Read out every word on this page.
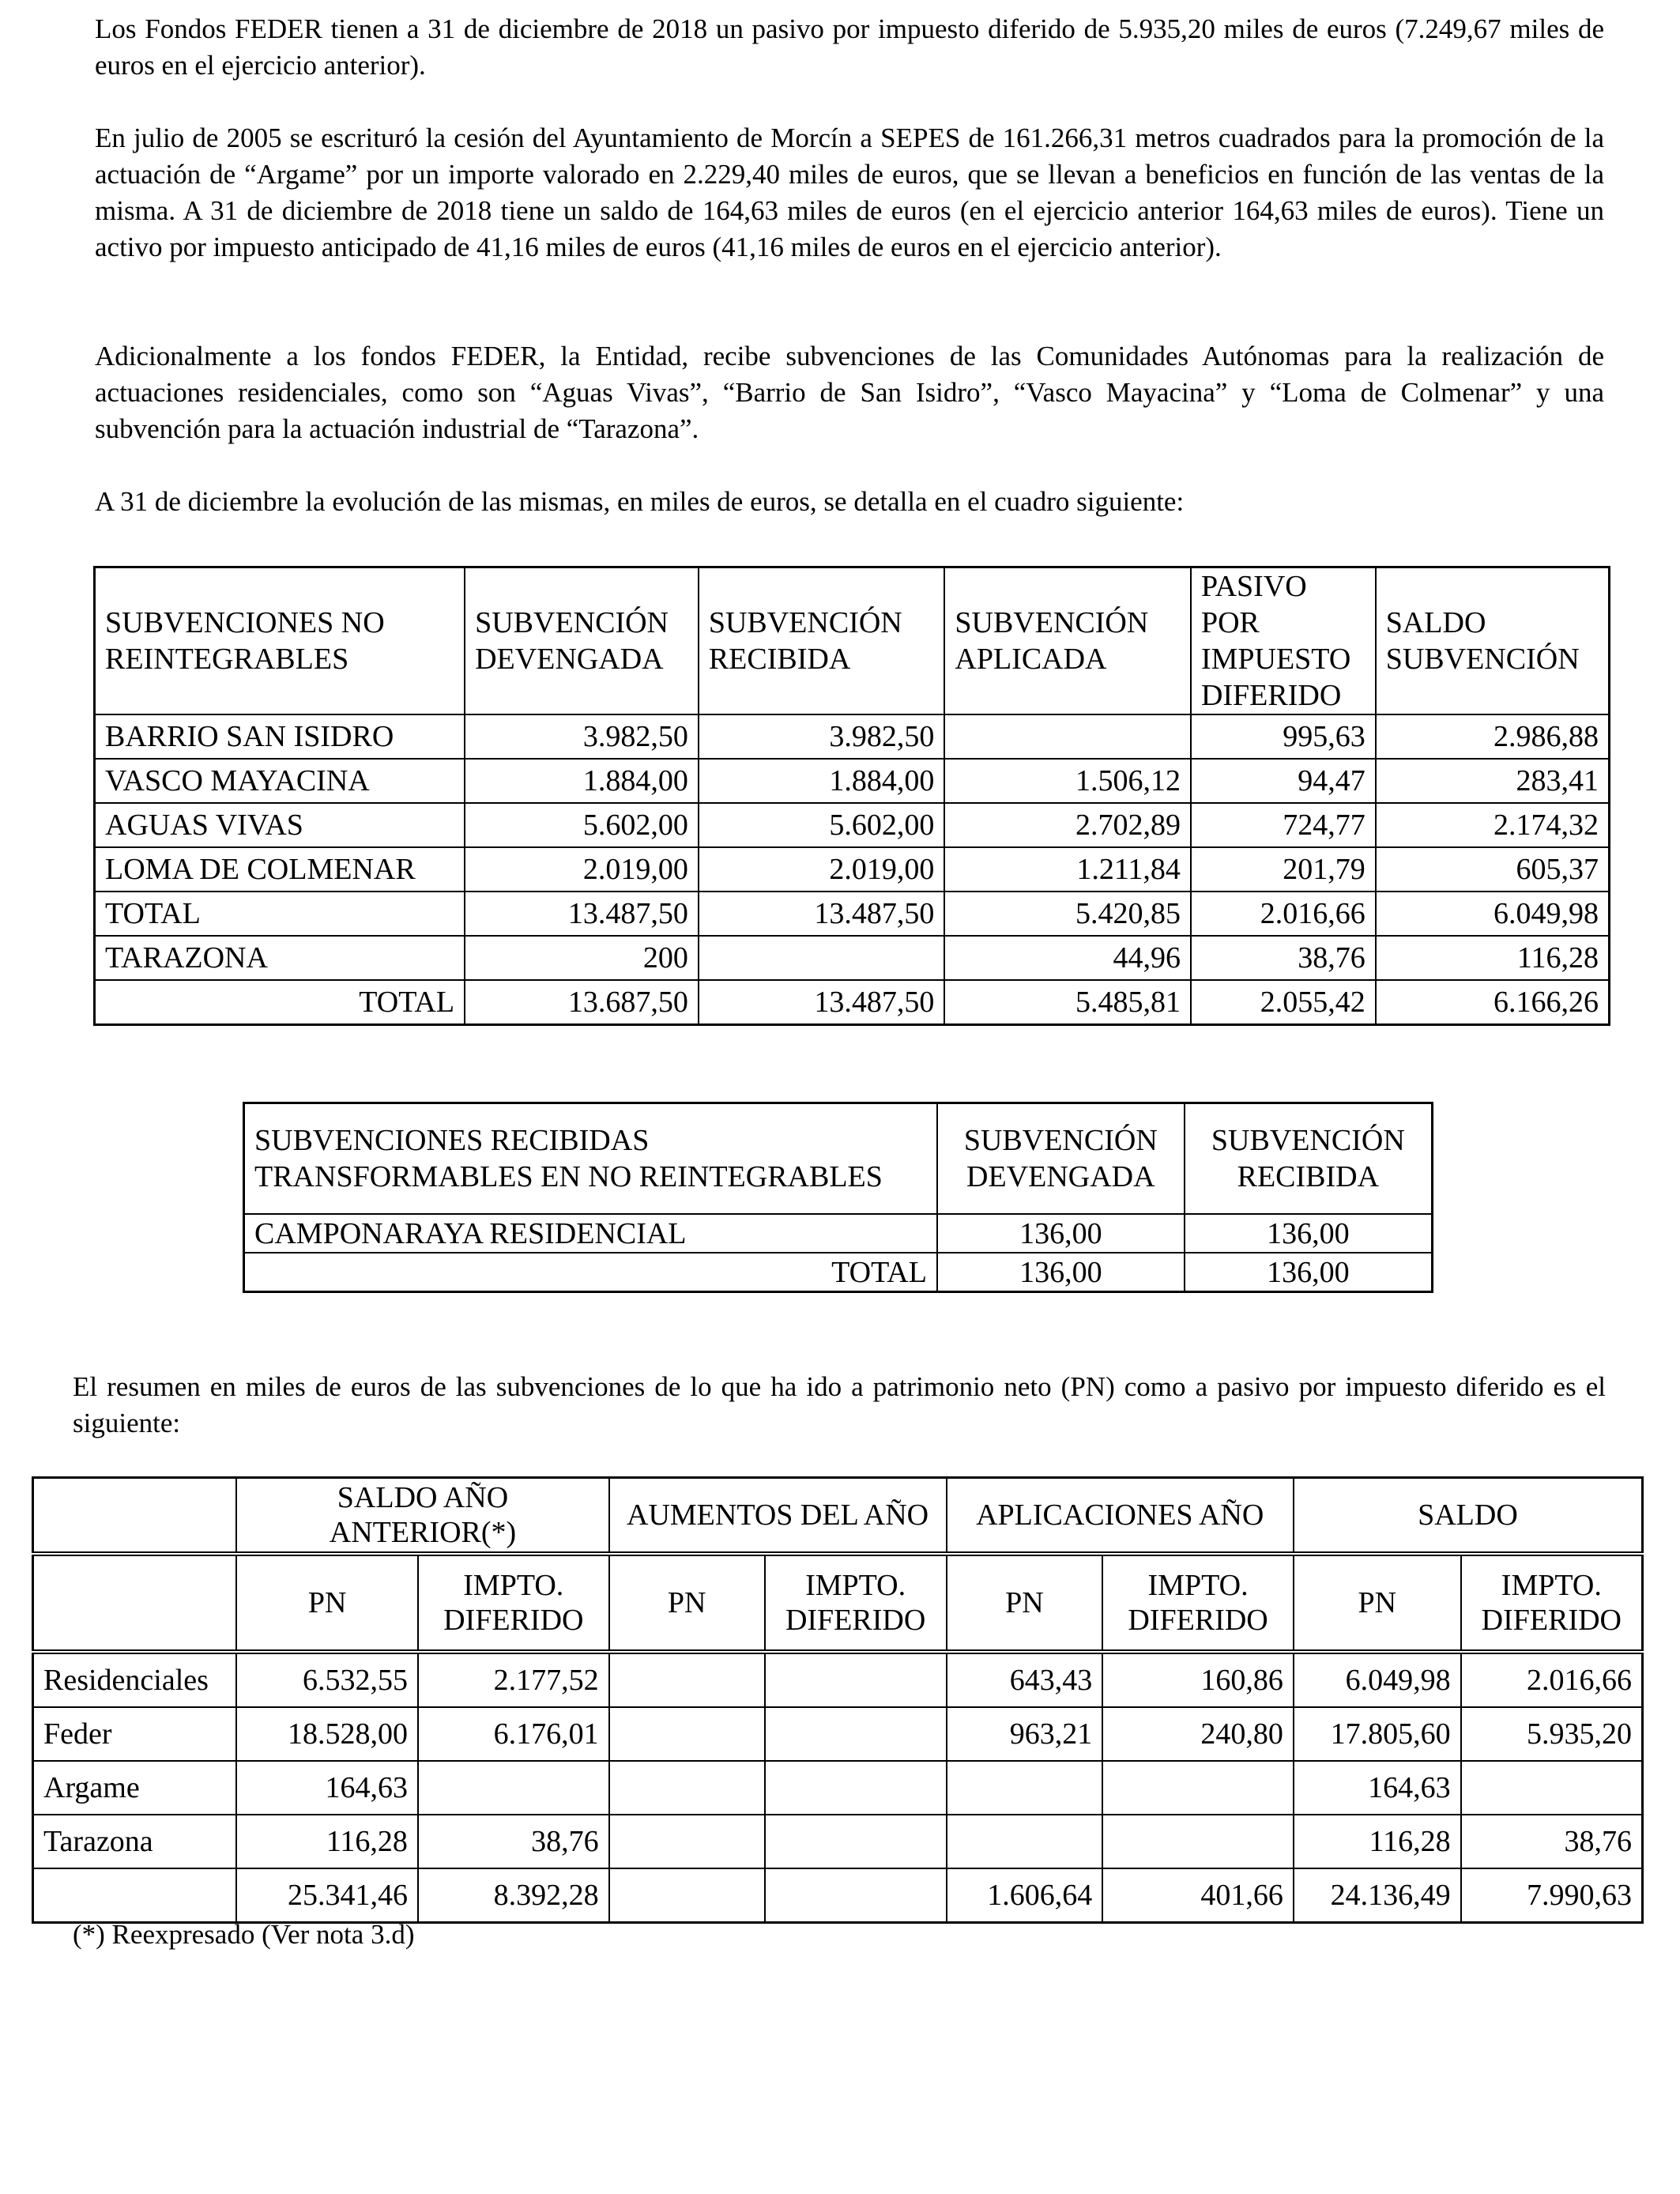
Los Fondos FEDER tienen a 31 de diciembre de 2018 un pasivo por impuesto diferido de 5.935,20 miles de euros (7.249,67 miles de euros en el ejercicio anterior).

En julio de 2005 se escrituró la cesión del Ayuntamiento de Morcín a SEPES de 161.266,31 metros cuadrados para la promoción de la actuación de “Argame” por un importe valorado en 2.229,40 miles de euros, que se llevan a beneficios en función de las ventas de la misma. A 31 de diciembre de 2018 tiene un saldo de 164,63 miles de euros (en el ejercicio anterior 164,63 miles de euros). Tiene un activo por impuesto anticipado de 41,16 miles de euros (41,16 miles de euros en el ejercicio anterior).

Adicionalmente a los fondos FEDER, la Entidad, recibe subvenciones de las Comunidades Autónomas para la realización de actuaciones residenciales, como son “Aguas Vivas”, “Barrio de San Isidro”, “Vasco Mayacina” y “Loma de Colmenar” y una subvención para la actuación industrial de “Tarazona”.

A 31 de diciembre la evolución de las mismas, en miles de euros, se detalla en el cuadro siguiente:

SUBVENCIONES NO REINTEGRABLES	SUBVENCIÓN DEVENGADA	SUBVENCIÓN RECIBIDA	SUBVENCIÓN APLICADA	PASIVO POR IMPUESTO DIFERIDO	SALDO SUBVENCIÓN
BARRIO SAN ISIDRO	3.982,50	3.982,50		995,63	2.986,88
VASCO MAYACINA	1.884,00	1.884,00	1.506,12	94,47	283,41
AGUAS VIVAS	5.602,00	5.602,00	2.702,89	724,77	2.174,32
LOMA DE COLMENAR	2.019,00	2.019,00	1.211,84	201,79	605,37
TOTAL	13.487,50	13.487,50	5.420,85	2.016,66	6.049,98
TARAZONA	200		44,96	38,76	116,28
TOTAL	13.687,50	13.487,50	5.485,81	2.055,42	6.166,26
SUBVENCIONES RECIBIDAS TRANSFORMABLES EN NO REINTEGRABLES	SUBVENCIÓN DEVENGADA	SUBVENCIÓN RECIBIDA
CAMPONARAYA RESIDENCIAL	136,00	136,00
TOTAL	136,00	136,00

El resumen en miles de euros de las subvenciones de lo que ha ido a patrimonio neto (PN) como a pasivo por impuesto diferido es el siguiente:

	SALDO AÑO ANTERIOR(*)		AUMENTOS DEL AÑO		APLICACIONES AÑO		SALDO	
	PN	IMPTO. DIFERIDO	PN	IMPTO. DIFERIDO	PN	IMPTO. DIFERIDO	PN	IMPTO. DIFERIDO
Residenciales	6.532,55	2.177,52			643,43	160,86	6.049,98	2.016,66
Feder	18.528,00	6.176,01			963,21	240,80	17.805,60	5.935,20
Argame	164,63						164,63	
Tarazona	116,28	38,76					116,28	38,76
	25.341,46	8.392,28			1.606,64	401,66	24.136,49	7.990,63

(*) Reexpresado (Ver nota 3.d)
